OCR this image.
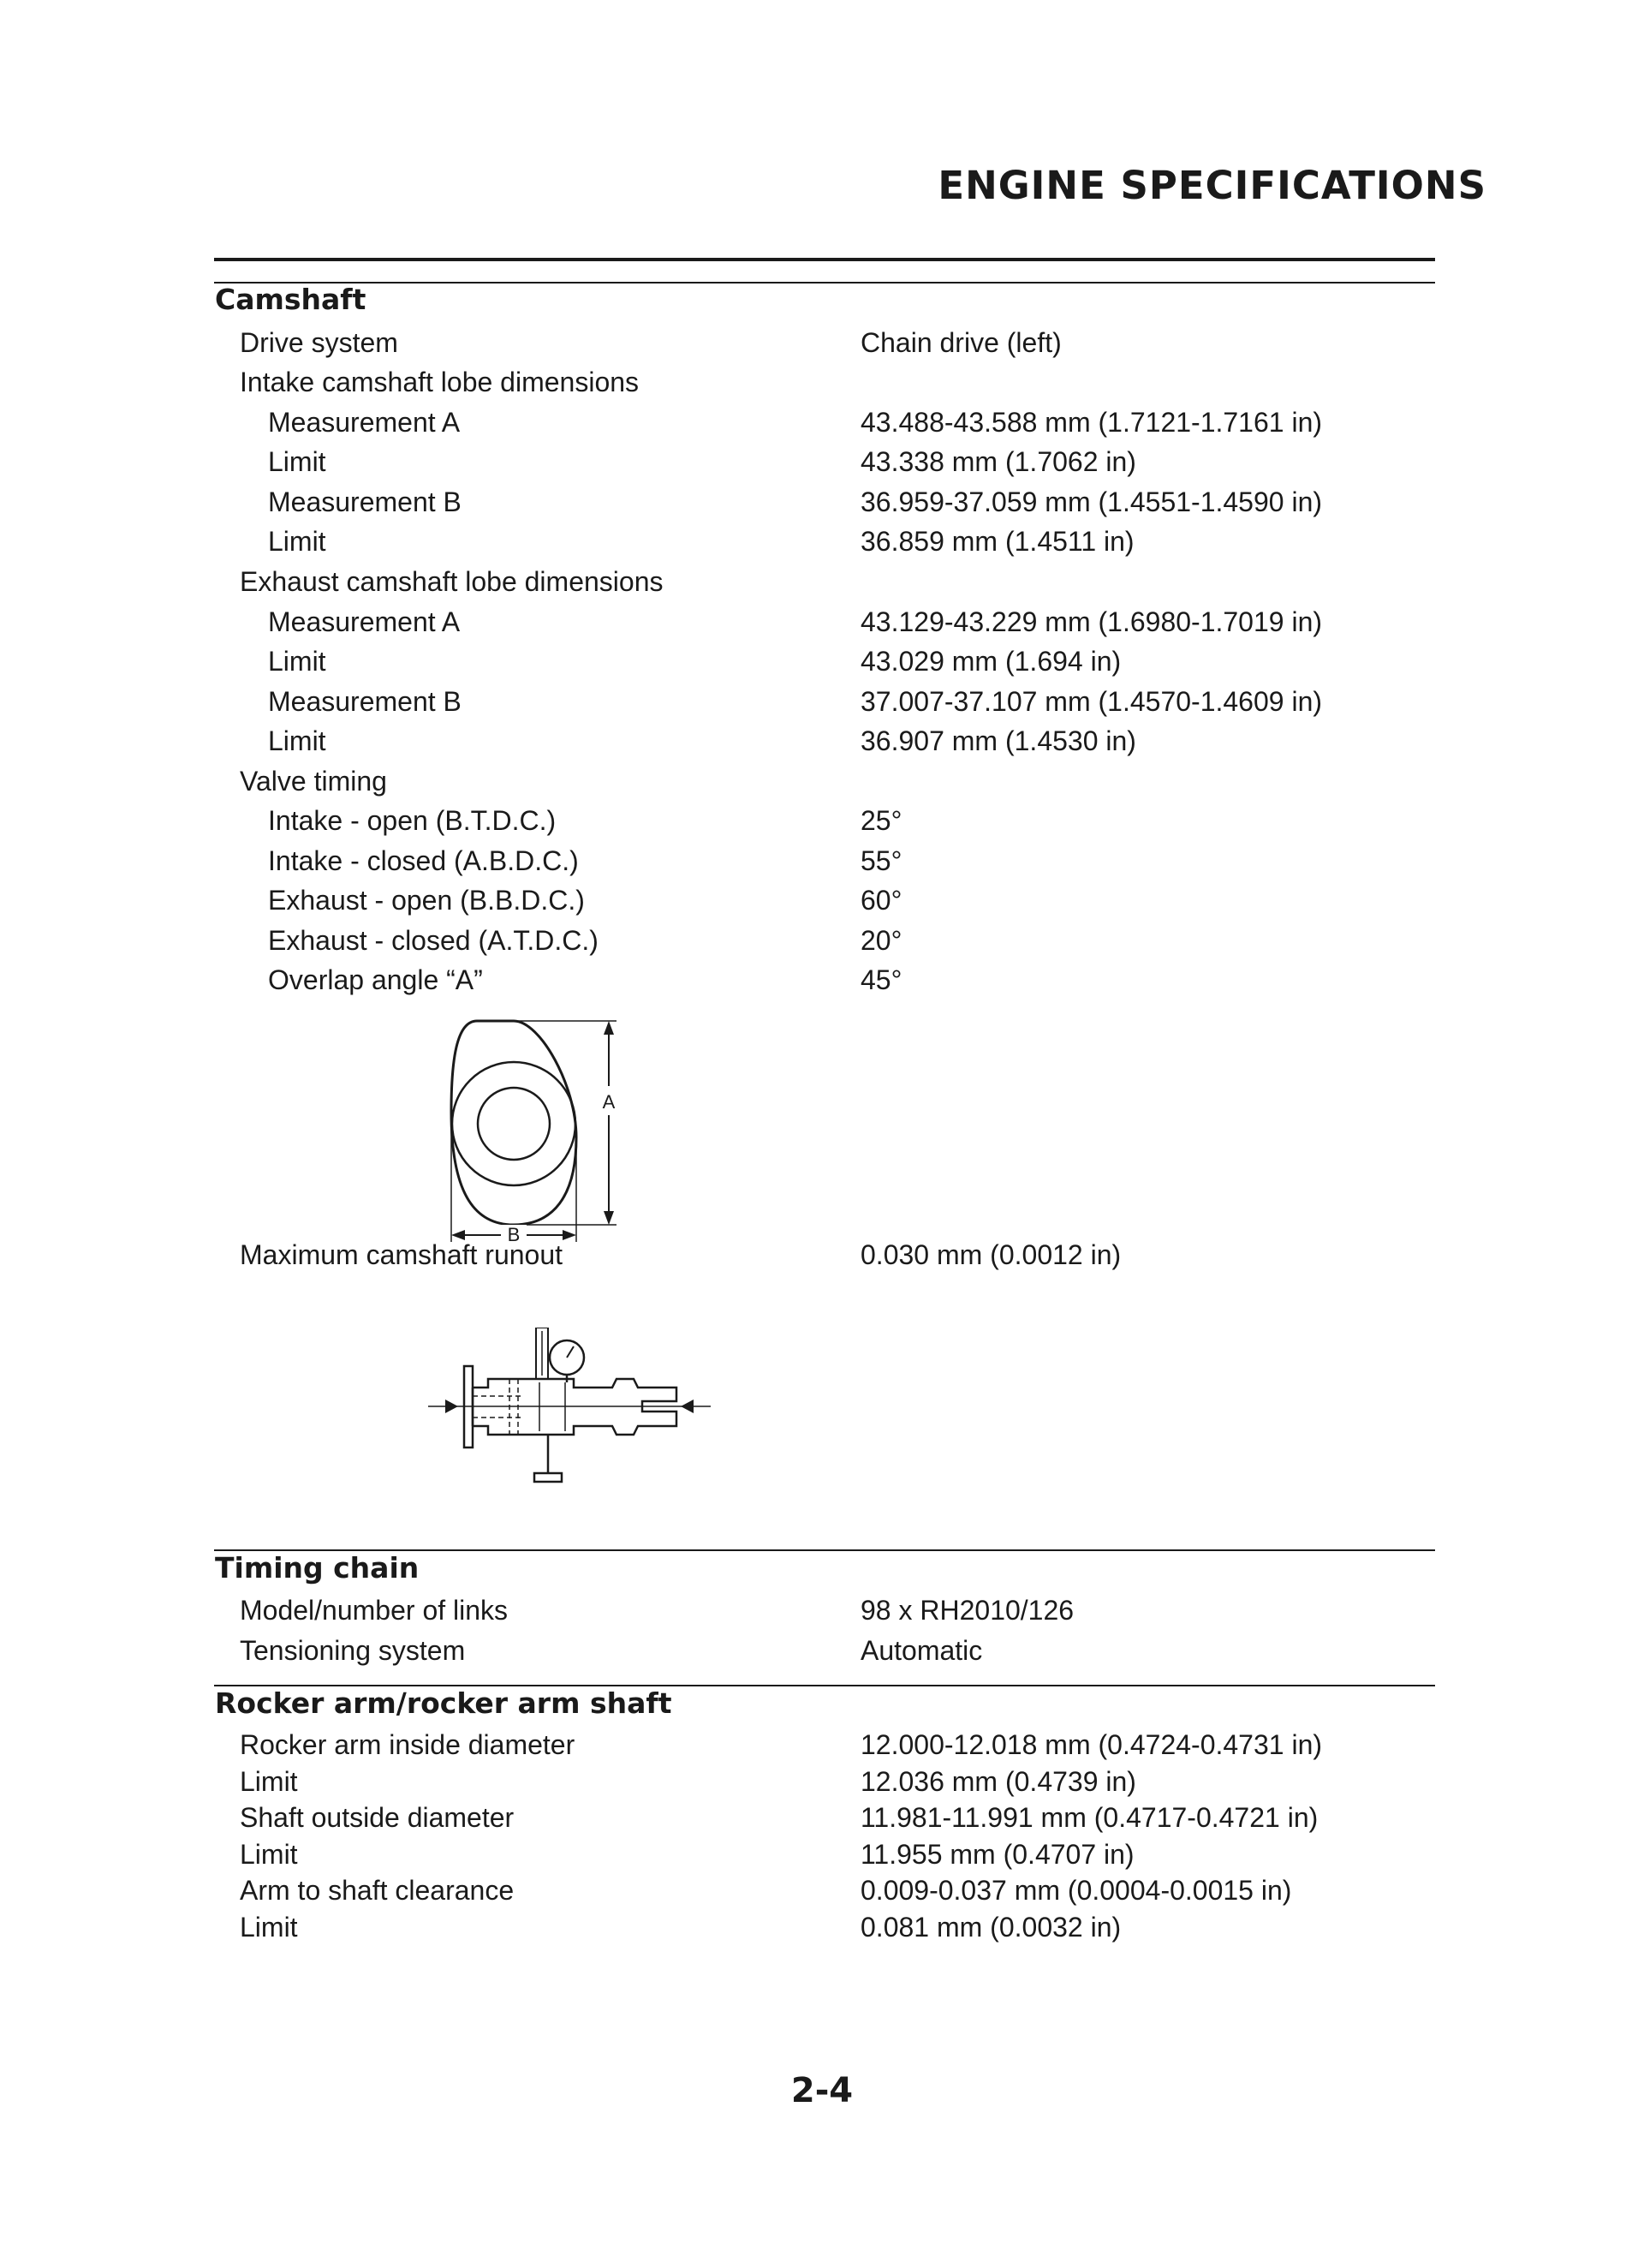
ENGINE SPECIFICATIONS
Camshaft
Drive system	Chain drive (left)
Intake camshaft lobe dimensions
Measurement A	43.488-43.588 mm (1.7121-1.7161 in)
Limit	43.338 mm (1.7062 in)
Measurement B	36.959-37.059 mm (1.4551-1.4590 in)
Limit	36.859 mm (1.4511 in)
Exhaust camshaft lobe dimensions
Measurement A	43.129-43.229 mm (1.6980-1.7019 in)
Limit	43.029 mm (1.694 in)
Measurement B	37.007-37.107 mm (1.4570-1.4609 in)
Limit	36.907 mm (1.4530 in)
Valve timing
Intake - open (B.T.D.C.)	25°
Intake - closed (A.B.D.C.)	55°
Exhaust - open (B.B.D.C.)	60°
Exhaust - closed (A.T.D.C.)	20°
Overlap angle “A”	45°
A
B
Maximum camshaft runout	0.030 mm (0.0012 in)
Timing chain
Model/number of links	98 x RH2010/126
Tensioning system	Automatic
Rocker arm/rocker arm shaft
Rocker arm inside diameter	12.000-12.018 mm (0.4724-0.4731 in)
Limit	12.036 mm (0.4739 in)
Shaft outside diameter	11.981-11.991 mm (0.4717-0.4721 in)
Limit	11.955 mm (0.4707 in)
Arm to shaft clearance	0.009-0.037 mm (0.0004-0.0015 in)
Limit	0.081 mm (0.0032 in)
2-4
